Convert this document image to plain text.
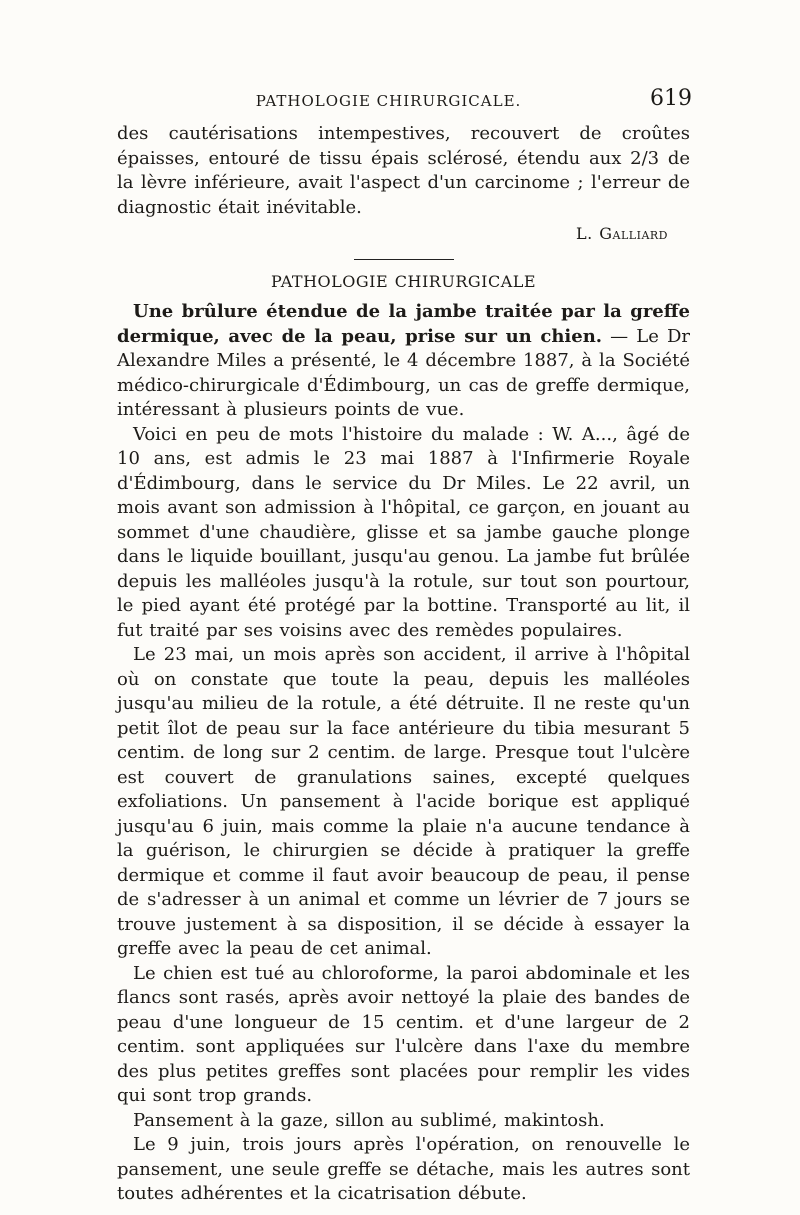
PATHOLOGIE CHIRURGICALE.	619

des cautérisations intempestives, recouvert de croûtes épaisses, entouré de tissu épais sclérosé, étendu aux 2/3 de la lèvre inférieure, avait l'aspect d'un carcinome ; l'erreur de diagnostic était inévitable.

L. Galliard
PATHOLOGIE CHIRURGICALE

Une brûlure étendue de la jambe traitée par la greffe dermique, avec de la peau, prise sur un chien. — Le Dr Alexandre Miles a présenté, le 4 décembre 1887, à la Société médico-chirurgicale d'Édimbourg, un cas de greffe dermique, intéressant à plusieurs points de vue.

Voici en peu de mots l'histoire du malade : W. A..., âgé de 10 ans, est admis le 23 mai 1887 à l'Infirmerie Royale d'Édimbourg, dans le service du Dr Miles. Le 22 avril, un mois avant son admission à l'hôpital, ce garçon, en jouant au sommet d'une chaudière, glisse et sa jambe gauche plonge dans le liquide bouillant, jusqu'au genou. La jambe fut brûlée depuis les malléoles jusqu'à la rotule, sur tout son pourtour, le pied ayant été protégé par la bottine. Transporté au lit, il fut traité par ses voisins avec des remèdes populaires.

Le 23 mai, un mois après son accident, il arrive à l'hôpital où on constate que toute la peau, depuis les malléoles jusqu'au milieu de la rotule, a été détruite. Il ne reste qu'un petit îlot de peau sur la face antérieure du tibia mesurant 5 centim. de long sur 2 centim. de large. Presque tout l'ulcère est couvert de granulations saines, excepté quelques exfoliations. Un pansement à l'acide borique est appliqué jusqu'au 6 juin, mais comme la plaie n'a aucune tendance à la guérison, le chirurgien se décide à pratiquer la greffe dermique et comme il faut avoir beaucoup de peau, il pense de s'adresser à un animal et comme un lévrier de 7 jours se trouve justement à sa disposition, il se décide à essayer la greffe avec la peau de cet animal.

Le chien est tué au chloroforme, la paroi abdominale et les flancs sont rasés, après avoir nettoyé la plaie des bandes de peau d'une longueur de 15 centim. et d'une largeur de 2 centim. sont appliquées sur l'ulcère dans l'axe du membre des plus petites greffes sont placées pour remplir les vides qui sont trop grands.

Pansement à la gaze, sillon au sublimé, makintosh.

Le 9 juin, trois jours après l'opération, on renouvelle le pansement, une seule greffe se détache, mais les autres sont toutes adhérentes et la cicatrisation débute.
